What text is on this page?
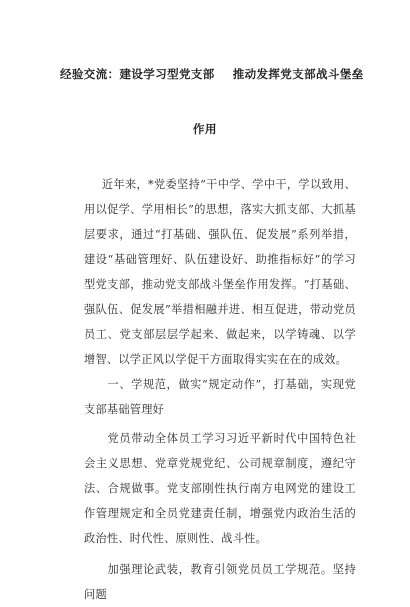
经验交流：建设学习型党支部 推动发挥党支部战斗堡垒
作用

近年来，*党委坚持“干中学、学中干，学以致用、用以促学、学用相长”的思想，落实大抓支部、大抓基层要求，通过“打基础、强队伍、促发展”系列举措，建设“基础管理好、队伍建设好、助推指标好”的学习型党支部，推动党支部战斗堡垒作用发挥。“打基础、强队伍、促发展”举措相融并进、相互促进，带动党员员工、党支部层层学起来、做起来，以学铸魂、以学增智、以学正风以学促干方面取得实实在在的成效。

一、学规范，做实“规定动作”，打基础，实现党支部基础管理好

党员带动全体员工学习习近平新时代中国特色社会主义思想、党章党规党纪、公司规章制度，遵纪守法、合规做事。党支部刚性执行南方电网党的建设工作管理规定和全员党建责任制，增强党内政治生活的政治性、时代性、原则性、战斗性。

加强理论武装，教育引领党员员工学规范。坚持问题
